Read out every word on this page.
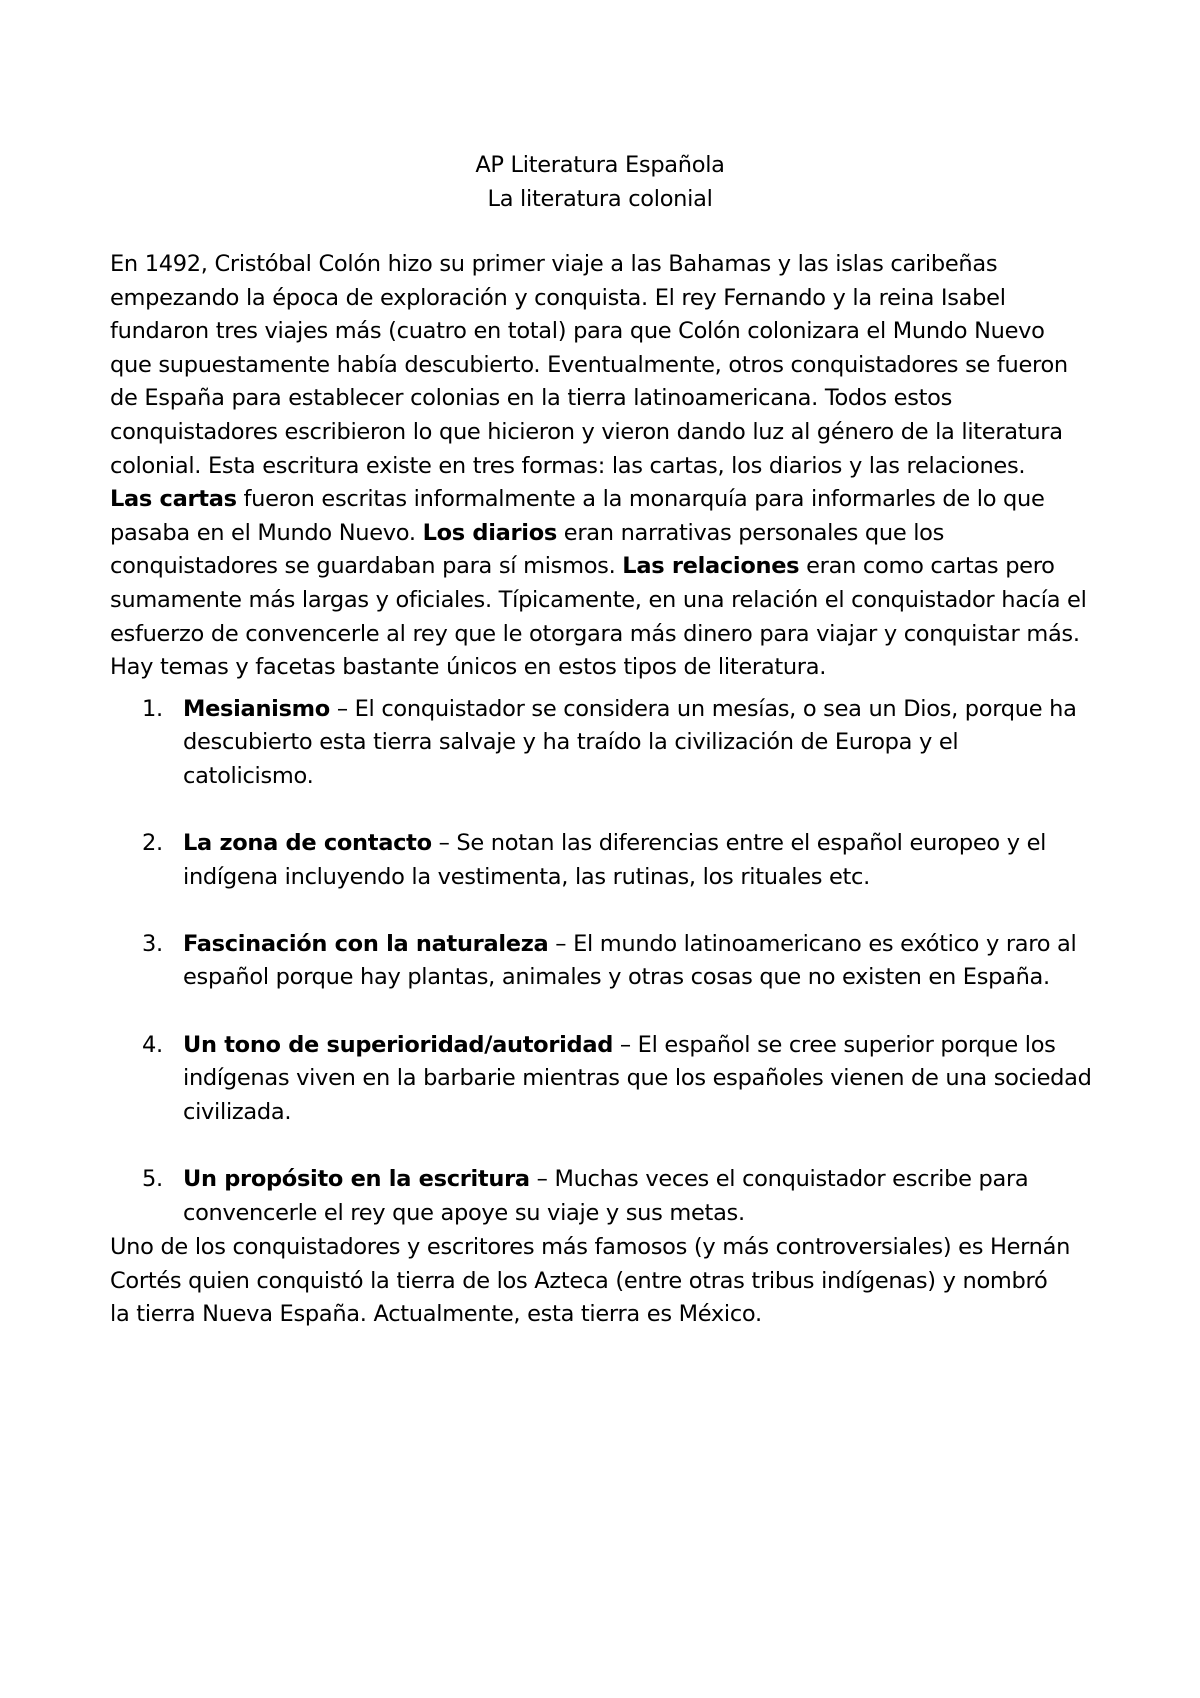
AP Literatura Española
La literatura colonial
En 1492, Cristóbal Colón hizo su primer viaje a las Bahamas y las islas caribeñas
empezando la época de exploración y conquista. El rey Fernando y la reina Isabel
fundaron tres viajes más (cuatro en total) para que Colón colonizara el Mundo Nuevo
que supuestamente había descubierto. Eventualmente, otros conquistadores se fueron
de España para establecer colonias en la tierra latinoamericana. Todos estos
conquistadores escribieron lo que hicieron y vieron dando luz al género de la literatura
colonial. Esta escritura existe en tres formas: las cartas, los diarios y las relaciones.
Las cartas fueron escritas informalmente a la monarquía para informarles de lo que
pasaba en el Mundo Nuevo. Los diarios eran narrativas personales que los
conquistadores se guardaban para sí mismos. Las relaciones eran como cartas pero
sumamente más largas y oficiales. Típicamente, en una relación el conquistador hacía el
esfuerzo de convencerle al rey que le otorgara más dinero para viajar y conquistar más.
Hay temas y facetas bastante únicos en estos tipos de literatura.
1. Mesianismo – El conquistador se considera un mesías, o sea un Dios, porque ha
descubierto esta tierra salvaje y ha traído la civilización de Europa y el
catolicismo.
2. La zona de contacto – Se notan las diferencias entre el español europeo y el
indígena incluyendo la vestimenta, las rutinas, los rituales etc.
3. Fascinación con la naturaleza – El mundo latinoamericano es exótico y raro al
español porque hay plantas, animales y otras cosas que no existen en España.
4. Un tono de superioridad/autoridad – El español se cree superior porque los
indígenas viven en la barbarie mientras que los españoles vienen de una sociedad
civilizada.
5. Un propósito en la escritura – Muchas veces el conquistador escribe para
convencerle el rey que apoye su viaje y sus metas.
Uno de los conquistadores y escritores más famosos (y más controversiales) es Hernán
Cortés quien conquistó la tierra de los Azteca (entre otras tribus indígenas) y nombró
la tierra Nueva España. Actualmente, esta tierra es México.
